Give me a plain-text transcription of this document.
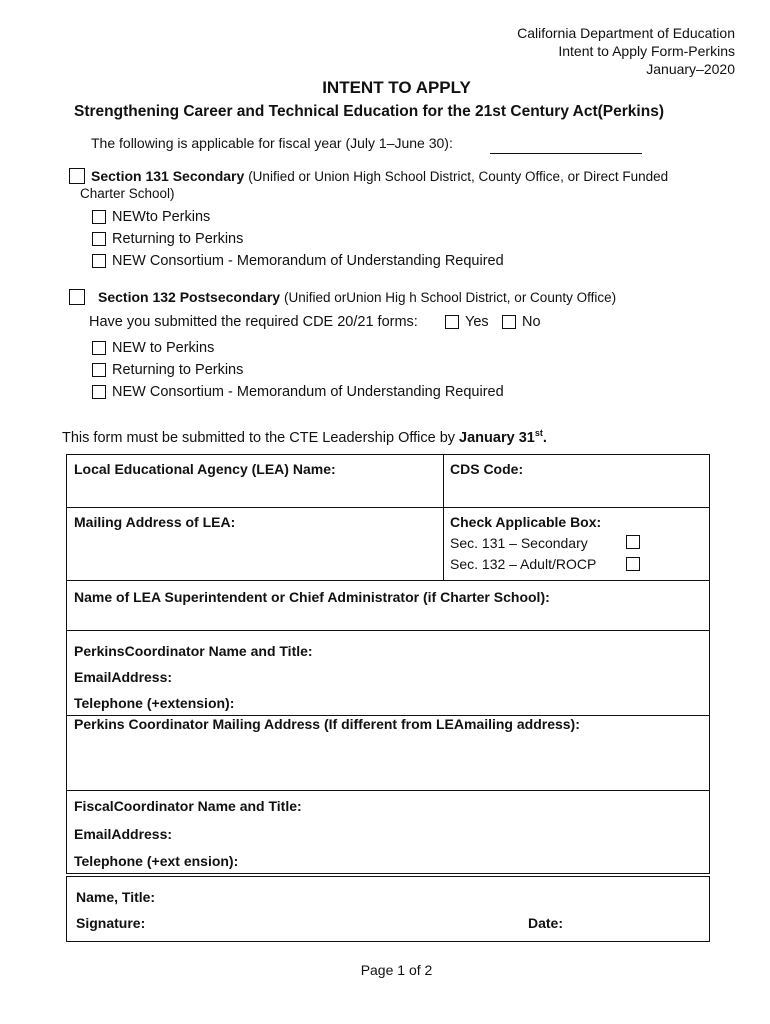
California Department of Education
Intent to Apply Form-Perkins
January–2020
INTENT TO APPLY
Strengthening Career and Technical Education for the 21st Century Act(Perkins)
The following is applicable for fiscal year (July 1–June 30):
Section 131 Secondary (Unified or Union High School District, County Office, or Direct Funded
Charter School)
NEWto Perkins
Returning to Perkins
NEW Consortium - Memorandum of Understanding Required
Section 132 Postsecondary (Unified orUnion Hig h School District, or County Office)
Have you submitted the required CDE 20/21 forms:	Yes No
NEW to Perkins
Returning to Perkins
NEW Consortium - Memorandum of Understanding Required
This form must be submitted to the CTE Leadership Office by January 31st.
Local Educational Agency (LEA) Name:	CDS Code:
Mailing Address of LEA:	Check Applicable Box:
Sec. 131 – Secondary
Sec. 132 – Adult/ROCP
Name of LEA Superintendent or Chief Administrator (if Charter School):
PerkinsCoordinator Name and Title:
EmailAddress:
Telephone (+extension):
Perkins Coordinator Mailing Address (If different from LEAmailing address):
FiscalCoordinator Name and Title:
EmailAddress:
Telephone (+ext ension):
Name, Title:
Signature:	Date:
Page 1 of 2
